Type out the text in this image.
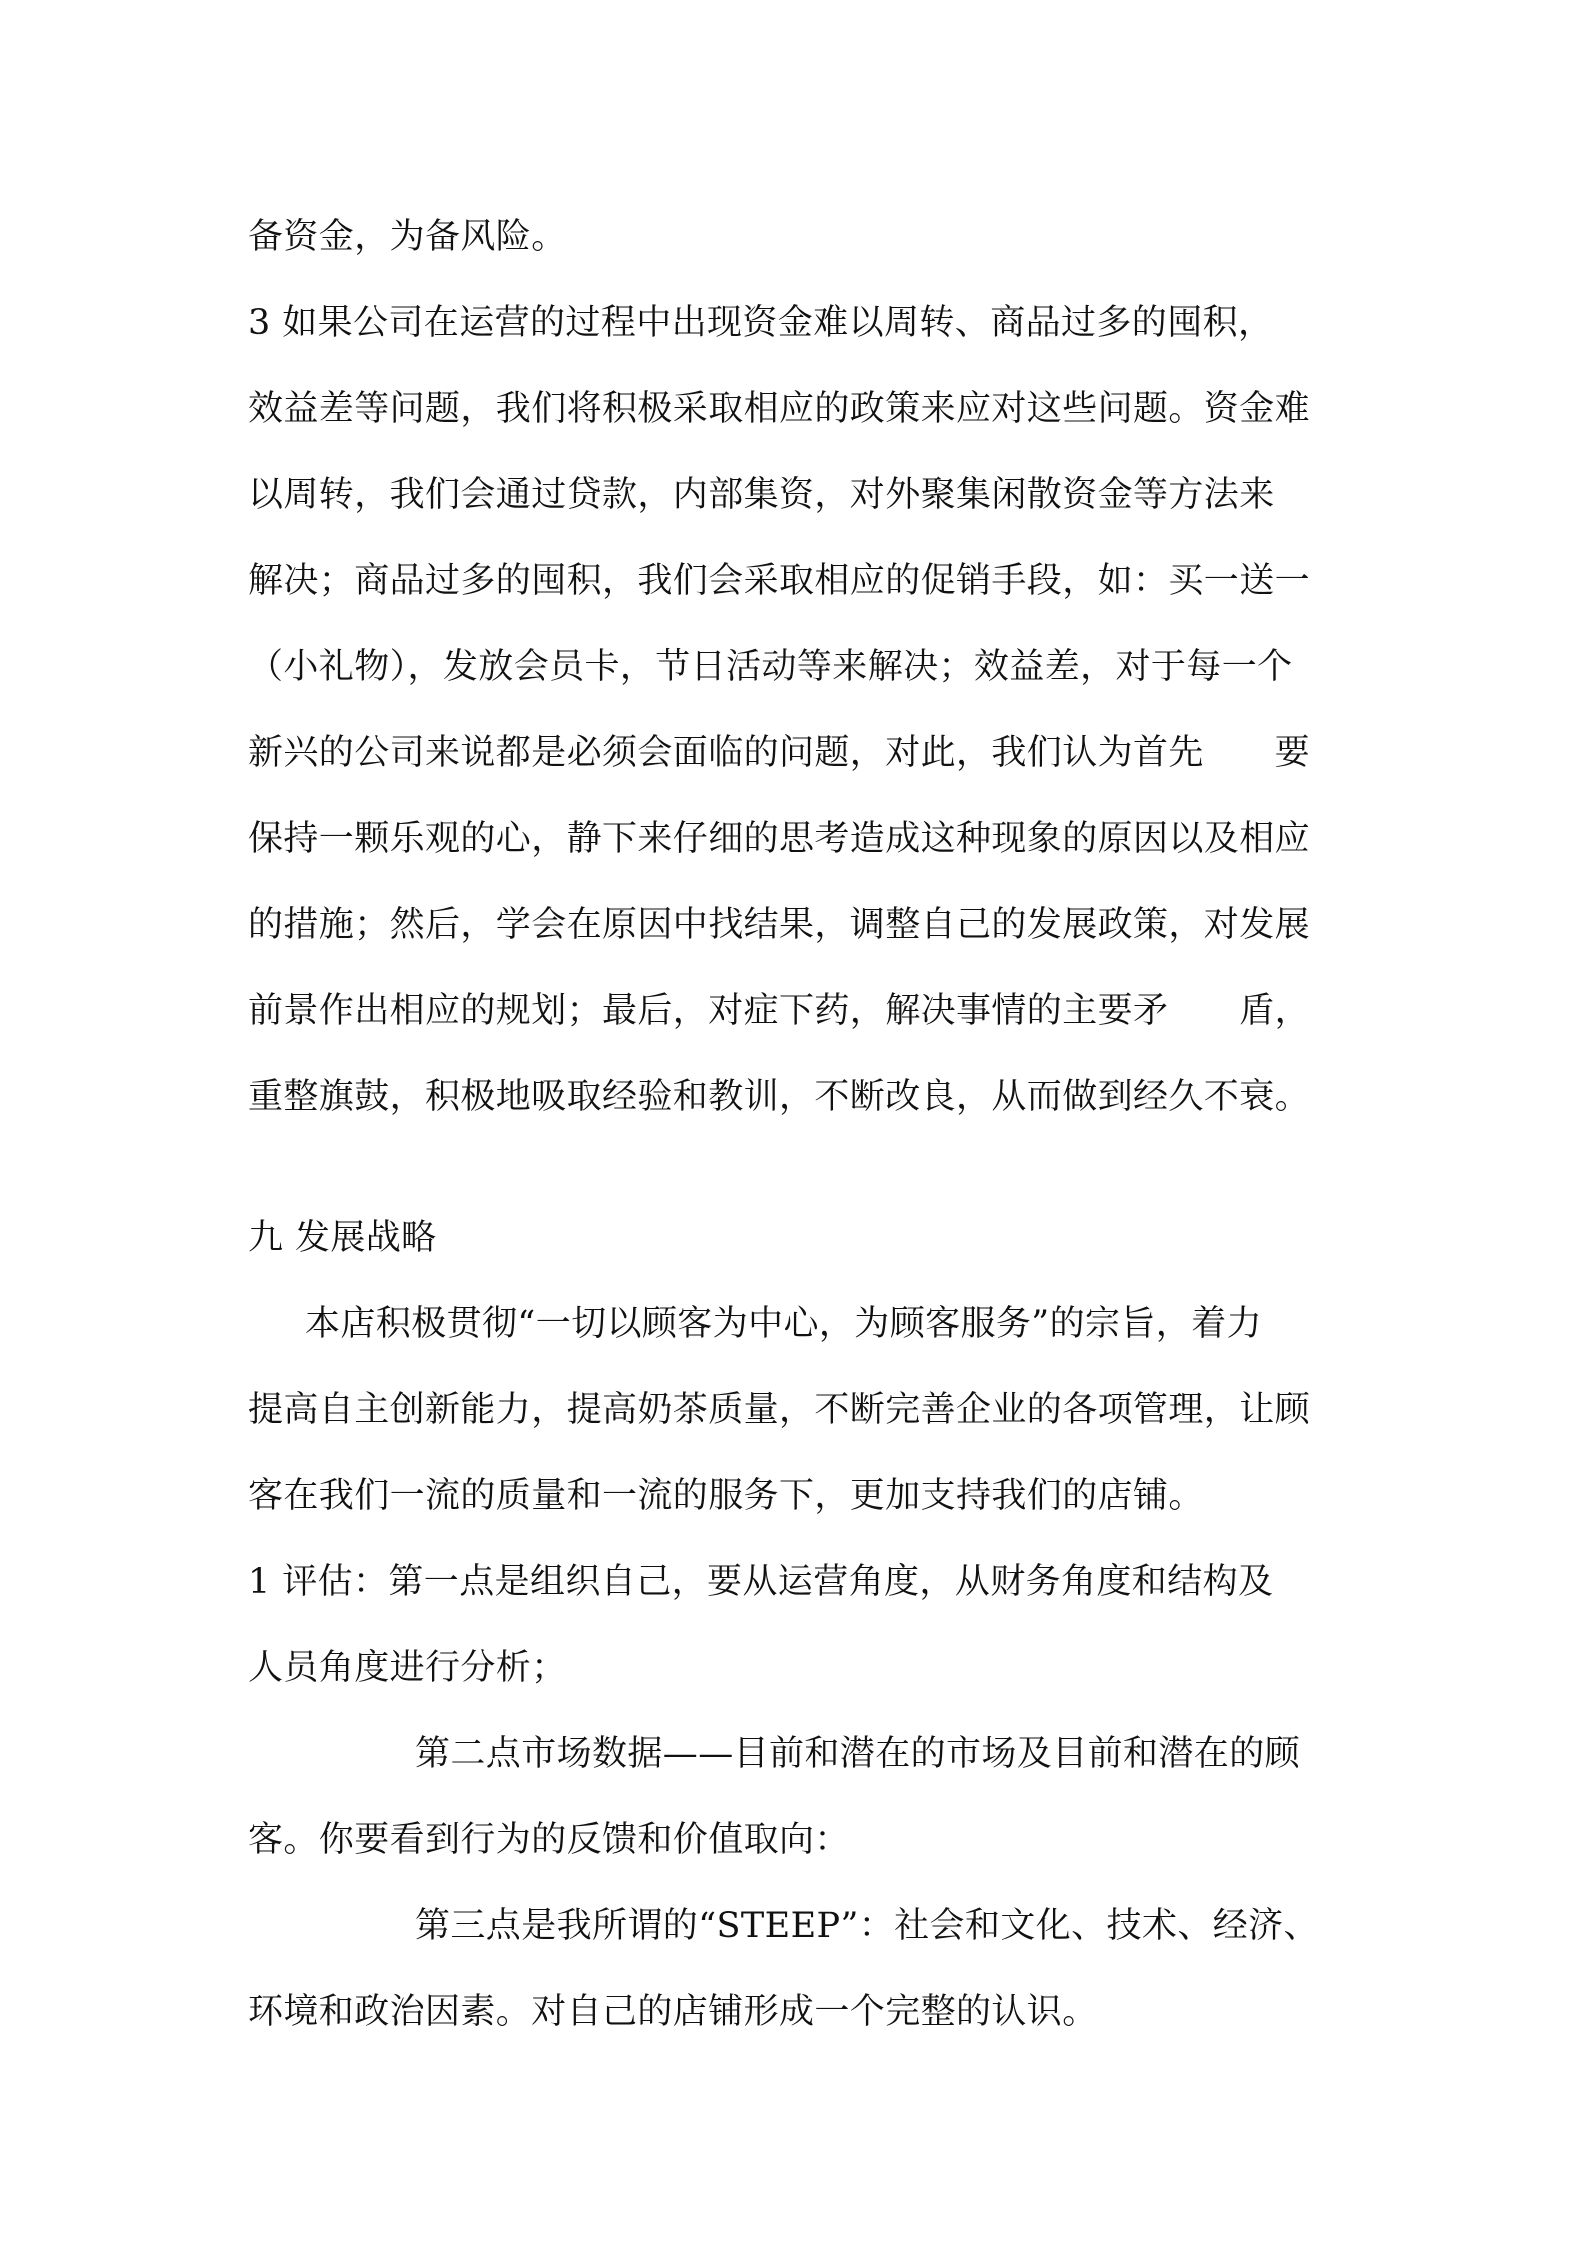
备资金，为备风险。
3 如果公司在运营的过程中出现资金难以周转、商品过多的囤积，
效益差等问题，我们将积极采取相应的政策来应对这些问题。资金难
以周转，我们会通过贷款，内部集资，对外聚集闲散资金等方法来
解决；商品过多的囤积，我们会采取相应的促销手段，如：买一送一
（小礼物），发放会员卡，节日活动等来解决；效益差，对于每一个
新兴的公司来说都是必须会面临的问题，对此，我们认为首先　　要
保持一颗乐观的心，静下来仔细的思考造成这种现象的原因以及相应
的措施；然后，学会在原因中找结果，调整自己的发展政策，对发展
前景作出相应的规划；最后，对症下药，解决事情的主要矛　　盾，
重整旗鼓，积极地吸取经验和教训，不断改良，从而做到经久不衰。
九 发展战略
本店积极贯彻“一切以顾客为中心，为顾客服务”的宗旨，着力
提高自主创新能力，提高奶茶质量，不断完善企业的各项管理，让顾
客在我们一流的质量和一流的服务下，更加支持我们的店铺。
1 评估：第一点是组织自己，要从运营角度，从财务角度和结构及
人员角度进行分析；
第二点市场数据——目前和潜在的市场及目前和潜在的顾
客。你要看到行为的反馈和价值取向：
第三点是我所谓的“STEEP”：社会和文化、技术、经济、
环境和政治因素。对自己的店铺形成一个完整的认识。
